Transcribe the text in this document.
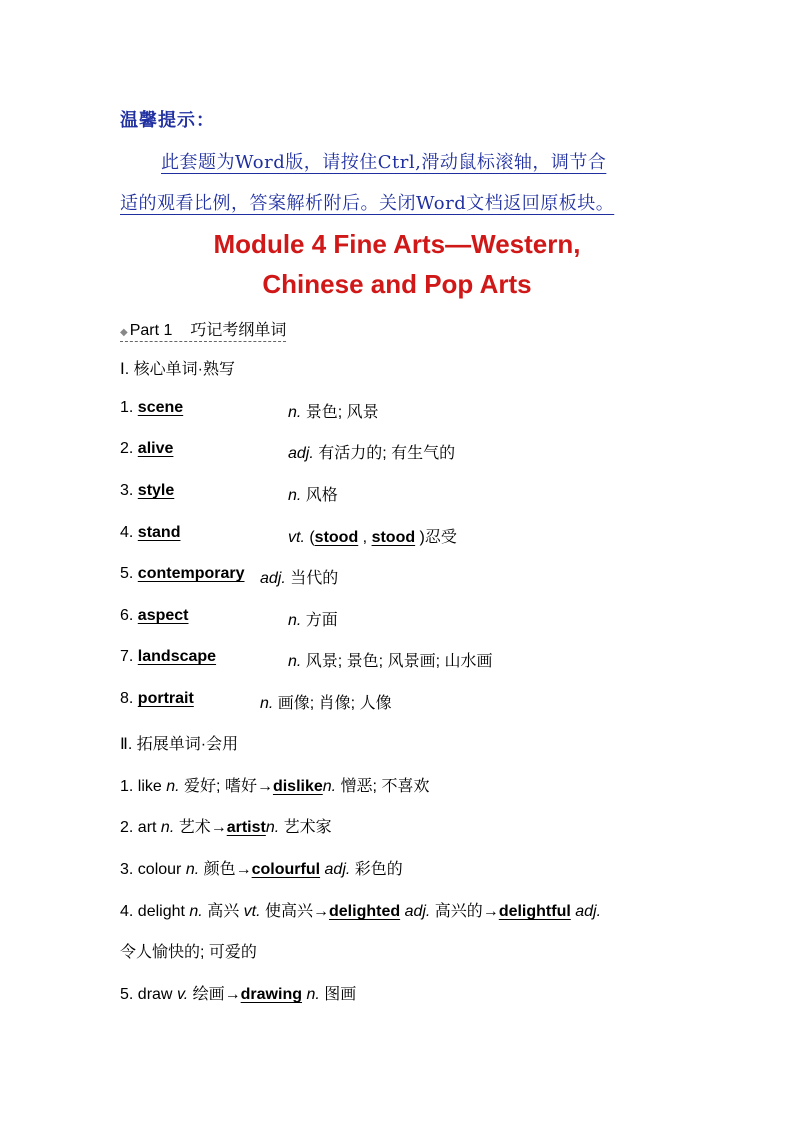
温馨提示：
此套题为Word版，请按住Ctrl,滑动鼠标滚轴，调节合
适的观看比例，答案解析附后。关闭Word文档返回原板块。
Module 4 Fine Arts—Western,
Chinese and Pop Arts
◆ Part 1 巧记考纲单词
Ⅰ. 核心单词·熟写
1. scene	n. 景色; 风景
2. alive	adj. 有活力的; 有生气的
3. style	n. 风格
4. stand	vt. (stood , stood )忍受
5. contemporary adj. 当代的
6. aspect	n. 方面
7. landscape	n. 风景; 景色; 风景画; 山水画
8. portrait	n. 画像; 肖像; 人像
Ⅱ. 拓展单词·会用
1. like n. 爱好; 嗜好→disliken. 憎恶; 不喜欢
2. art n. 艺术→artistn. 艺术家
3. colour n. 颜色→colourful adj. 彩色的
4. delight n. 高兴 vt. 使高兴→delighted adj. 高兴的→delightful adj.
令人愉快的; 可爱的
5. draw v. 绘画→drawing n. 图画
